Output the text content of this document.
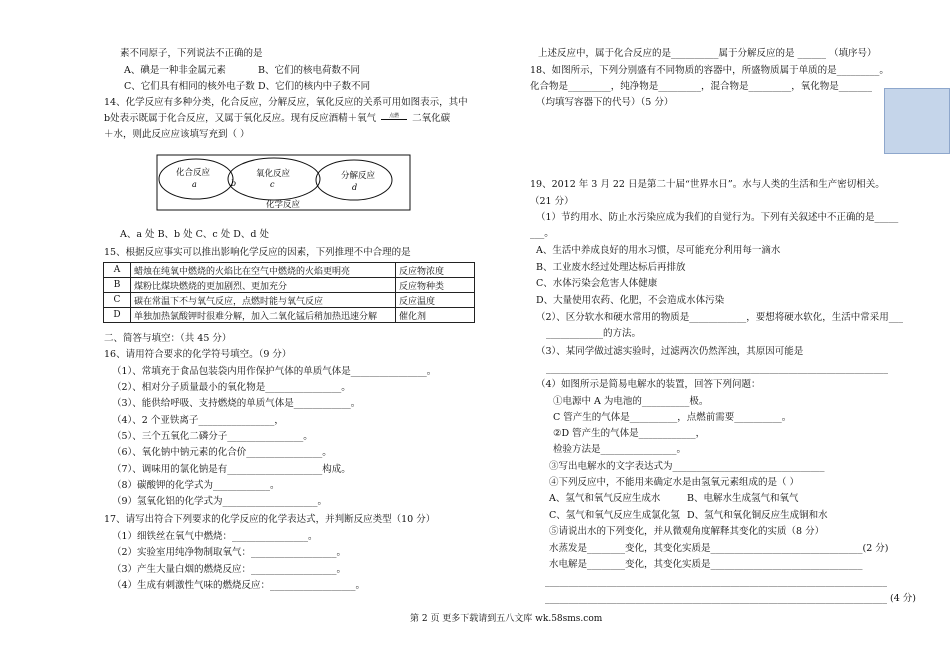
素不同原子，下列说法不正确的是
A、碘是一种非金属元素	B、它们的核电荷数不同
C、它们具有相同的核外电子数 D、它们的核内中子数不同
14、化学反应有多种分类，化合反应，分解反应，氧化反应的关系可用如图表示，其中
b处表示既属于化合反应，又属于氧化反应。现有反应酒精＋氧气	$^{点燃}$ 二氧化碳
＋水，则此反应应该填写充到（ ）
化合反应
a	b
氧化反应
c
分解反应
d
化学反应
A、a 处 B、b 处 C、c 处 D、d 处
15、根据反应事实可以推出影响化学反应的因素，下列推理不中合理的是
A	蜡烛在纯氧中燃烧的火焰比在空气中燃烧的火焰更明亮	反应物浓度
B	煤粉比煤块燃烧的更加剧烈、更加充分	反应物种类
C	碳在常温下不与氧气反应，点燃时能与氧气反应	反应温度
D	单独加热氯酸钾时很难分解，加入二氧化锰后稍加热迅速分解	催化剂
二、简答与填空：（共 45 分）
16、请用符合要求的化学符号填空。（9 分）
（1）、常填充于食品包装袋内用作保护气体的单质气体是________________。
（2）、相对分子质量最小的氧化物是________________。
（3）、能供给呼吸、支持燃烧的单质气体是____________。
（4）、2 个亚铁离子________________，
（5）、三个五氧化二磷分子________________。
（6）、氧化钠中钠元素的化合价________________。
（7）、调味用的氯化钠是有____________________构成。
（8）碳酸钾的化学式为____________。
（9）氢氧化铝的化学式为____________________。
17、请写出符合下列要求的化学反应的化学表达式，并判断反应类型（10 分）
（1）细铁丝在氧气中燃烧：________________。
（2）实验室用纯净物制取氧气：__________________。
（3）产生大量白烟的燃烧反应：__________________。
（4）生成有刺激性气味的燃烧反应：__________________。
上述反应中，属于化合反应的是__________属于分解反应的是 ______ （填序号）
18、如图所示，下列分别盛有不同物质的容器中，所盛物质属于单质的是_________。
化合物是_________，纯净物是_________，混合物是_________，氧化物是_______
（均填写容器下的代号）（5 分）
19、2012 年 3 月 22 日是第二十届“世界水日”。水与人类的生活和生产密切相关。
（21 分）
（1）节约用水、防止水污染应成为我们的自觉行为。下列有关叙述中不正确的是_____
___。
A、生活中养成良好的用水习惯，尽可能充分利用每一滴水
B、工业废水经过处理达标后再排放
C、水体污染会危害人体健康
D、大量使用农药、化肥，不会造成水体污染
（2）、区分软水和硬水常用的物质是____________，要想将硬水软化，生活中常采用___
____________的方法。
（3）、某同学做过滤实验时，过滤两次仍然浑浊，其原因可能是
________________________________________________________________________
（4）如图所示是简易电解水的装置，回答下列问题：
①电源中 A 为电池的__________极。
C 管产生的气体是__________，点燃前需要__________。
②D 管产生的气体是____________，
检验方法是________________。
③写出电解水的文字表达式为________________________________
④下列反应中，不能用来确定水是由氢氧元素组成的是（ ）
A、氢气和氧气反应生成水	B、电解水生成氢气和氧气
C、氢气和氧气反应生成氯化氢 D、氢气和氧化铜反应生成铜和水
⑤请说出水的下列变化，并从微观角度解释其变化的实质（8 分）
水蒸发是________变化，其变化实质是________________________________(2 分)
水电解是________变化，其变化实质是________________________________
________________________________________________________________________
________________________________________________________________________ (4 分)
第 2 页 更多下载请到五八文库 wk.58sms.com
